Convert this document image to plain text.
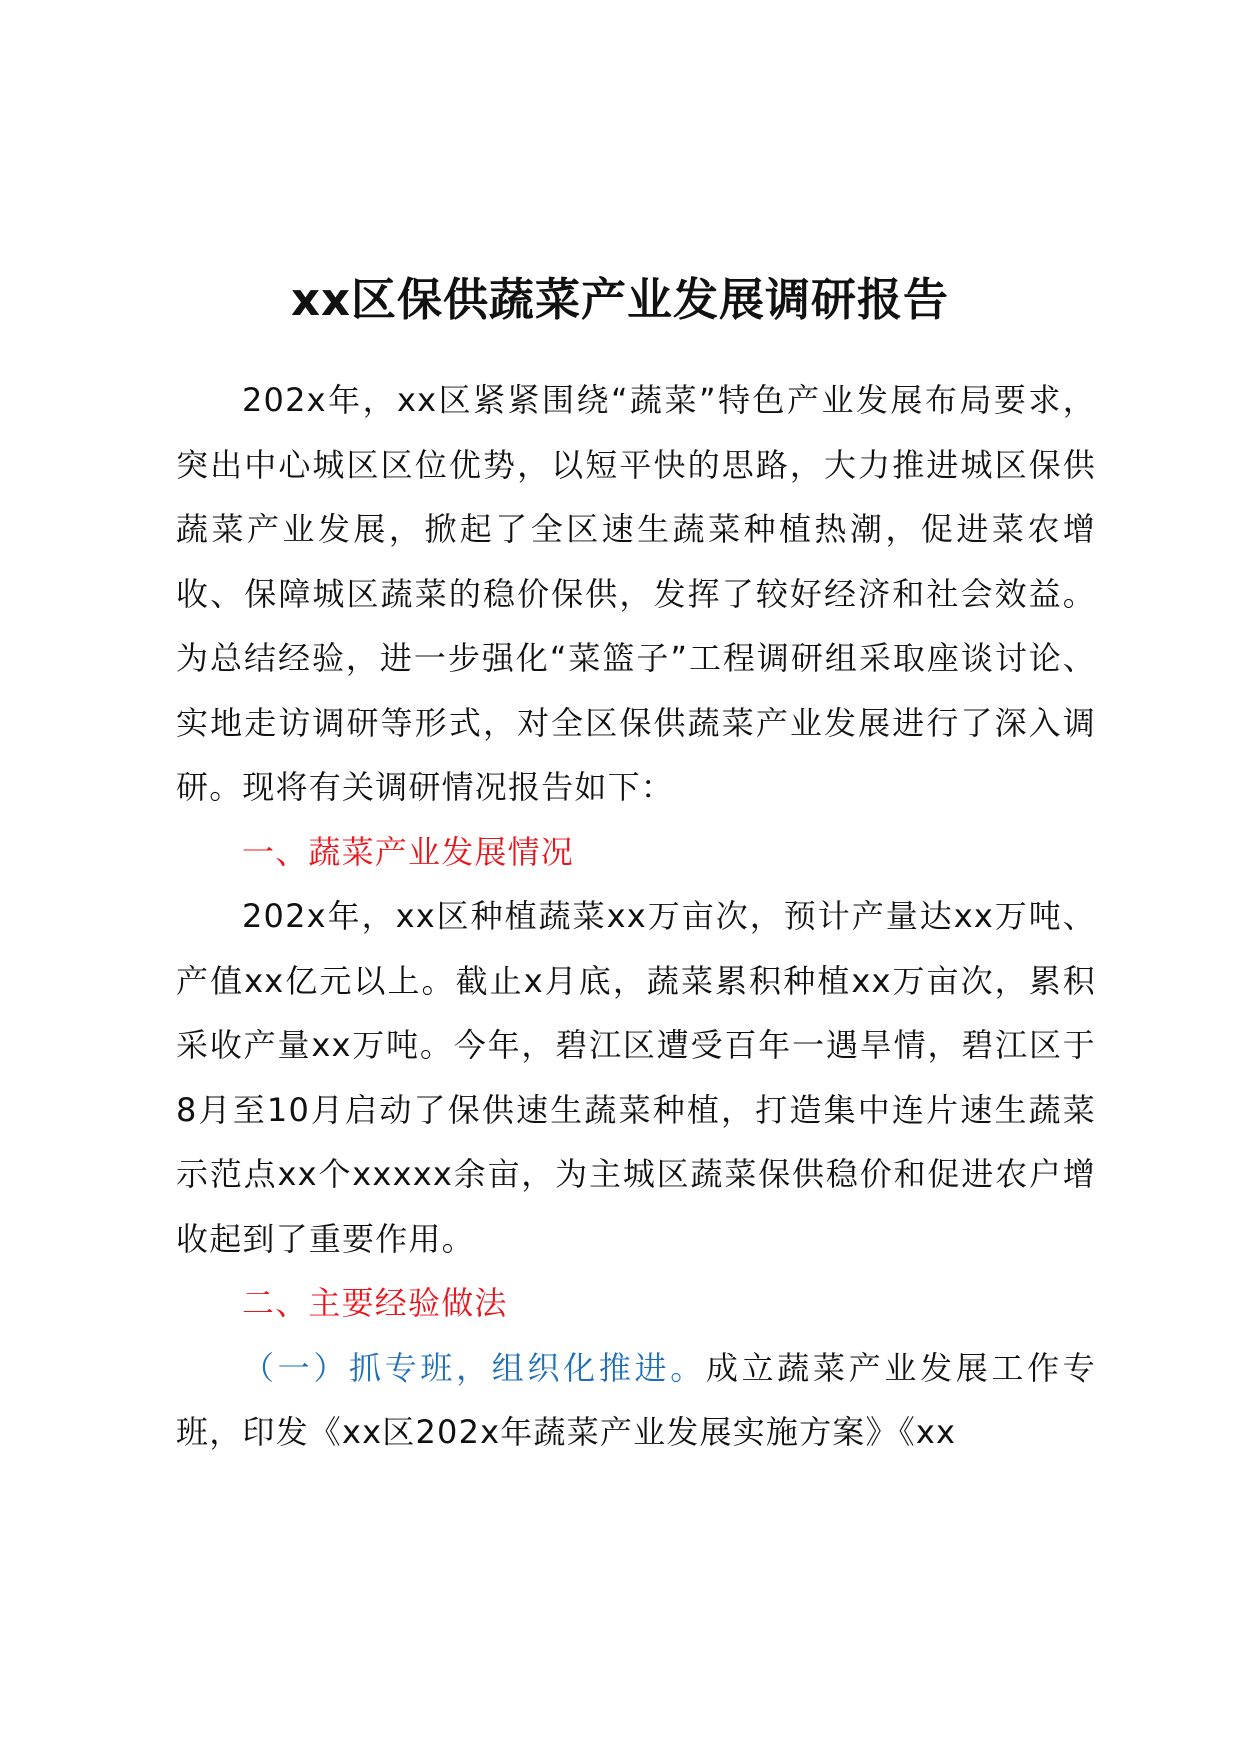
xx区保供蔬菜产业发展调研报告

202x年，xx区紧紧围绕“蔬菜”特色产业发展布局要求，突出中心城区区位优势，以短平快的思路，大力推进城区保供蔬菜产业发展，掀起了全区速生蔬菜种植热潮，促进菜农增收、保障城区蔬菜的稳价保供，发挥了较好经济和社会效益。为总结经验，进一步强化“菜篮子”工程调研组采取座谈讨论、实地走访调研等形式，对全区保供蔬菜产业发展进行了深入调研。现将有关调研情况报告如下：

一、蔬菜产业发展情况

202x年，xx区种植蔬菜xx万亩次，预计产量达xx万吨、产值xx亿元以上。截止x月底，蔬菜累积种植xx万亩次，累积采收产量xx万吨。今年，碧江区遭受百年一遇旱情，碧江区于8月至10月启动了保供速生蔬菜种植，打造集中连片速生蔬菜示范点xx个xxxxx余亩，为主城区蔬菜保供稳价和促进农户增收起到了重要作用。

二、主要经验做法

（一）抓专班，组织化推进。成立蔬菜产业发展工作专班，印发《xx区202x年蔬菜产业发展实施方案》《xx
